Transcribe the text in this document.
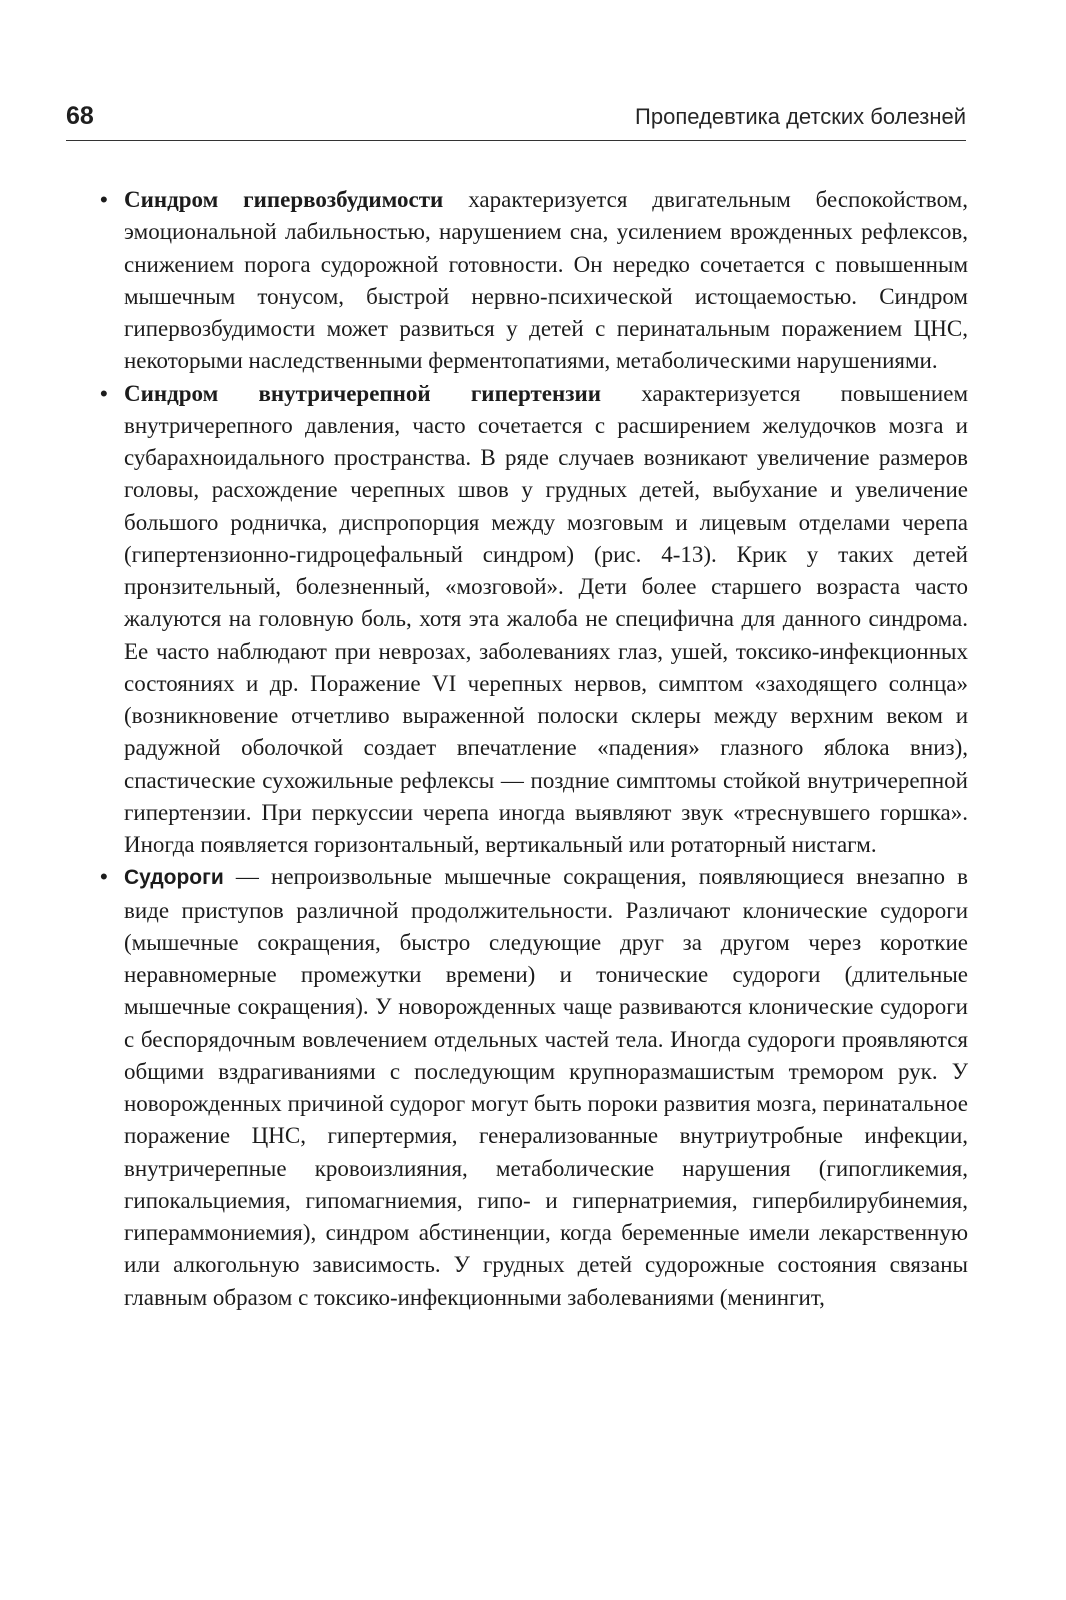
68	Пропедевтика детских болезней

• Синдром гипервозбудимости характеризуется двигательным беспокойством, эмоциональной лабильностью, нарушением сна, усилением врожденных рефлексов, снижением порога судорожной готовности. Он нередко сочетается с повышенным мышечным тонусом, быстрой нервно-психической истощаемостью. Синдром гипервозбудимости может развиться у детей с перинатальным поражением ЦНС, некоторыми наследственными ферментопатиями, метаболическими нарушениями.

• Синдром внутричерепной гипертензии характеризуется повышением внутричерепного давления, часто сочетается с расширением желудочков мозга и субарахноидального пространства. В ряде случаев возникают увеличение размеров головы, расхождение черепных швов у грудных детей, выбухание и увеличение большого родничка, диспропорция между мозговым и лицевым отделами черепа (гипертензионно-гидроцефальный синдром) (рис. 4-13). Крик у таких детей пронзительный, болезненный, «мозговой». Дети более старшего возраста часто жалуются на головную боль, хотя эта жалоба не специфична для данного синдрома. Ее часто наблюдают при неврозах, заболеваниях глаз, ушей, токсико-инфекционных состояниях и др. Поражение VI черепных нервов, симптом «заходящего солнца» (возникновение отчетливо выраженной полоски склеры между верхним веком и радужной оболочкой создает впечатление «падения» глазного яблока вниз), спастические сухожильные рефлексы — поздние симптомы стойкой внутричерепной гипертензии. При перкуссии черепа иногда выявляют звук «треснувшего горшка». Иногда появляется горизонтальный, вертикальный или ротаторный нистагм.

• Судороги — непроизвольные мышечные сокращения, появляющиеся внезапно в виде приступов различной продолжительности. Различают клонические судороги (мышечные сокращения, быстро следующие друг за другом через короткие неравномерные промежутки времени) и тонические судороги (длительные мышечные сокращения). У новорожденных чаще развиваются клонические судороги с беспорядочным вовлечением отдельных частей тела. Иногда судороги проявляются общими вздрагиваниями с последующим крупноразмашистым тремором рук. У новорожденных причиной судорог могут быть пороки развития мозга, перинатальное поражение ЦНС, гипертермия, генерализованные внутриутробные инфекции, внутричерепные кровоизлияния, метаболические нарушения (гипогликемия, гипокальциемия, гипомагниемия, гипо- и гипернатриемия, гипербилирубинемия, гипераммониемия), синдром абстиненции, когда беременные имели лекарственную или алкогольную зависимость. У грудных детей судорожные состояния связаны главным образом с токсико-инфекционными заболеваниями (менингит,
